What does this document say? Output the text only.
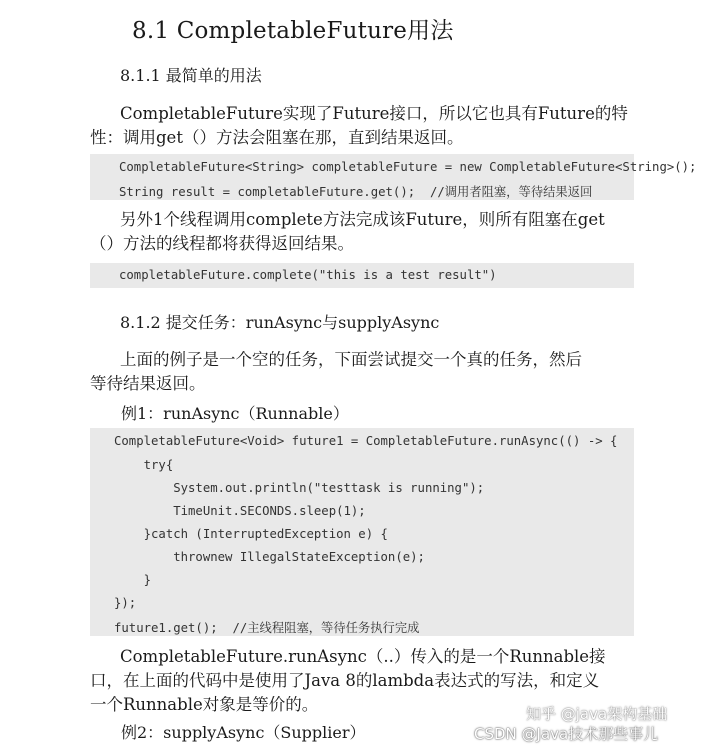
8.1 CompletableFuture用法
8.1.1 最简单的用法
CompletableFuture实现了Future接口，所以它也具有Future的特
性：调用get（）方法会阻塞在那，直到结果返回。
CompletableFuture<String> completableFuture = new CompletableFuture<String>();
String result = completableFuture.get();  //调用者阻塞，等待结果返回
另外1个线程调用complete方法完成该Future，则所有阻塞在get
（）方法的线程都将获得返回结果。
completableFuture.complete("this is a test result")
8.1.2 提交任务：runAsync与supplyAsync
上面的例子是一个空的任务，下面尝试提交一个真的任务，然后
等待结果返回。
例1：runAsync（Runnable）
CompletableFuture<Void> future1 = CompletableFuture.runAsync(() -> {
try{
System.out.println("testtask is running");
TimeUnit.SECONDS.sleep(1);
}catch (InterruptedException e) {
thrownew IllegalStateException(e);
}
});
future1.get();  //主线程阻塞，等待任务执行完成
CompletableFuture.runAsync（..）传入的是一个Runnable接
口，在上面的代码中是使用了Java 8的lambda表达式的写法，和定义
一个Runnable对象是等价的。
例2：supplyAsync（Supplier）
知乎 @java架构基础
CSDN @Java技术那些事儿
